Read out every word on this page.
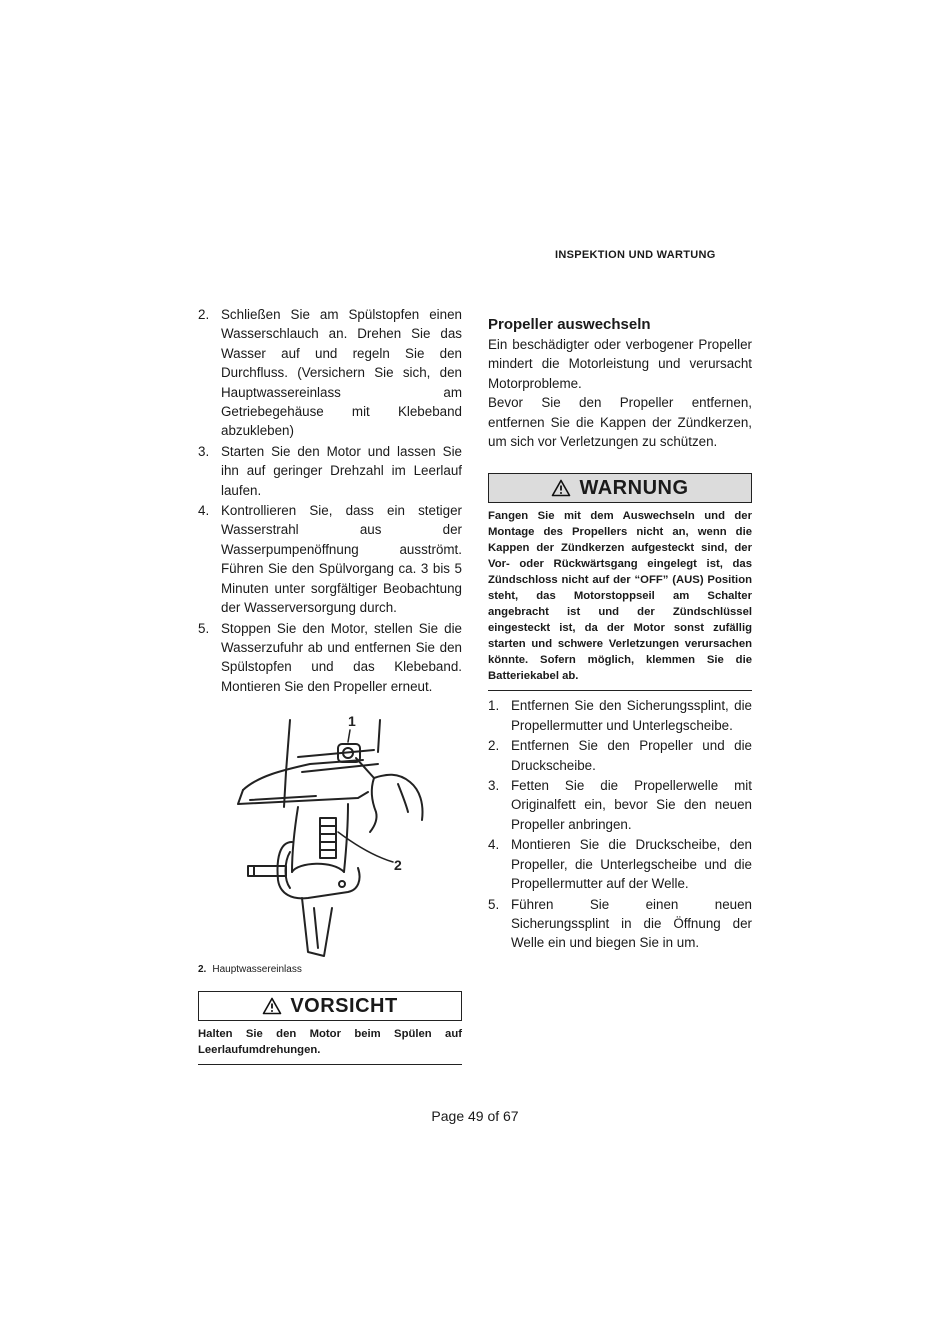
INSPEKTION UND WARTUNG
2. Schließen Sie am Spülstopfen einen Wasserschlauch an. Drehen Sie das Wasser auf und regeln Sie den Durchfluss. (Versichern Sie sich, den Hauptwassereinlass am Getriebegehäuse mit Klebeband abzukleben)
3. Starten Sie den Motor und lassen Sie ihn auf geringer Drehzahl im Leerlauf laufen.
4. Kontrollieren Sie, dass ein stetiger Wasserstrahl aus der Wasserpumpenöffnung ausströmt. Führen Sie den Spülvorgang ca. 3 bis 5 Minuten unter sorgfältiger Beobachtung der Wasserversorgung durch.
5. Stoppen Sie den Motor, stellen Sie die Wasserzufuhr ab und entfernen Sie den Spülstopfen und das Klebeband. Montieren Sie den Propeller erneut.
1
2
2. Hauptwassereinlass
VORSICHT
Halten Sie den Motor beim Spülen auf Leerlaufumdrehungen.
Propeller auswechseln

Ein beschädigter oder verbogener Propeller mindert die Motorleistung und verursacht Motorprobleme.

Bevor Sie den Propeller entfernen, entfernen Sie die Kappen der Zündkerzen, um sich vor Verletzungen zu schützen.

WARNUNG
Fangen Sie mit dem Auswechseln und der Montage des Propellers nicht an, wenn die Kappen der Zündkerzen aufgesteckt sind, der Vor- oder Rückwärtsgang eingelegt ist, das Zündschloss nicht auf der “OFF” (AUS) Position steht, das Motorstoppseil am Schalter angebracht ist und der Zündschlüssel eingesteckt ist, da der Motor sonst zufällig starten und schwere Verletzungen verursachen könnte. Sofern möglich, klemmen Sie die Batteriekabel ab.
1. Entfernen Sie den Sicherungssplint, die Propellermutter und Unterlegscheibe.
2. Entfernen Sie den Propeller und die Druckscheibe.
3. Fetten Sie die Propellerwelle mit Originalfett ein, bevor Sie den neuen Propeller anbringen.
4. Montieren Sie die Druckscheibe, den Propeller, die Unterlegscheibe und die Propellermutter auf der Welle.
5. Führen Sie einen neuen Sicherungssplint in die Öffnung der Welle ein und biegen Sie in um.
Page 49 of 67
